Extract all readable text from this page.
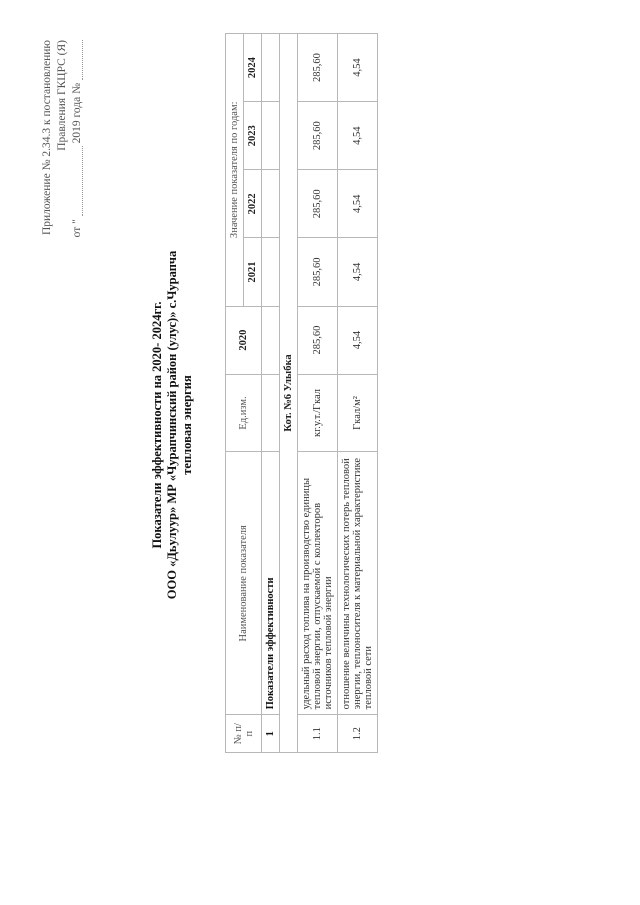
Приложение № 2.34.3 к постановлению Правления ГКЦРС (Я)
от "  2019 года №
Показатели эффективности на 2020- 2024гг. ООО «Дьулуур» МР «Чурапчинский район (улус)» с.Чурапча тепловая энергия
№ п/п	Наименование показателя	Ед.изм.	2020	Значение показателя по годам:			
				2021	2022	2023	2024
1	Показатели эффективности						
Кот. №6 Улыбка							
1.1	удельный расход топлива на производство единицы тепловой энергии, отпускаемой с коллекторов источников тепловой энергии	кг.у.т./Гкал	285,60	285,60	285,60	285,60	285,60
1.2	отношение величины технологических потерь тепловой энергии, теплоносителя к материальной характеристике тепловой сети	Гкал/м²	4,54	4,54	4,54	4,54	4,54
